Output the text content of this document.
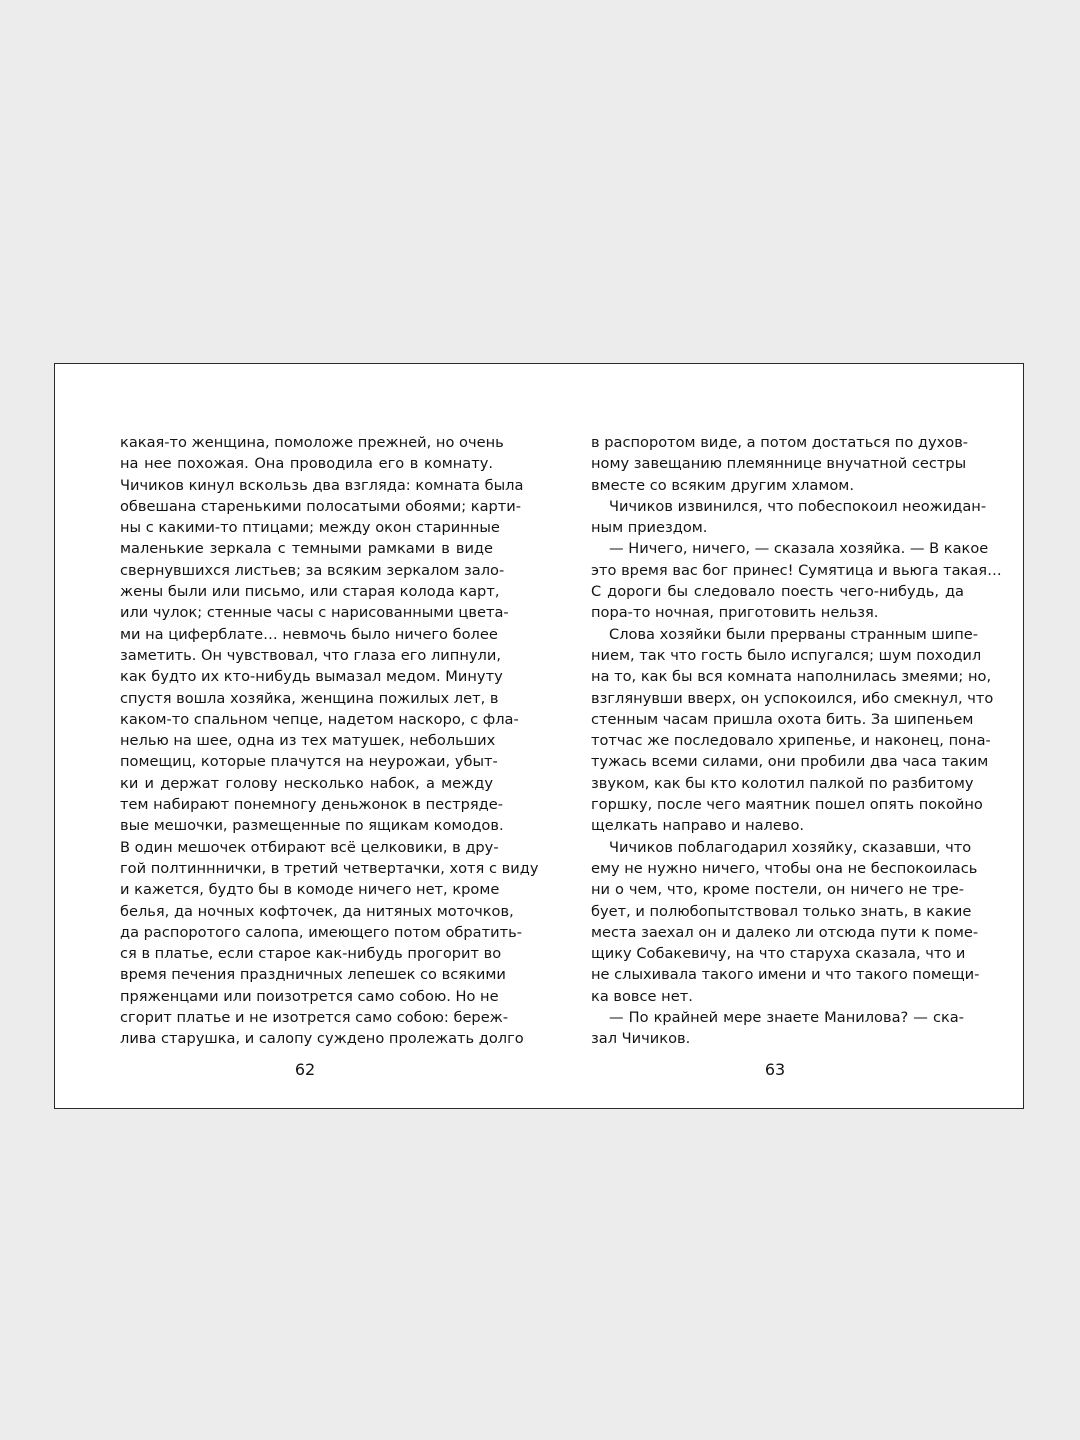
какая-то женщина, помоложе прежней, но очень
на нее похожая. Она проводила его в комнату.
Чичиков кинул вскользь два взгляда: комната была
обвешана старенькими полосатыми обоями; карти-
ны с какими-то птицами; между окон старинные
маленькие зеркала с темными рамками в виде
свернувшихся листьев; за всяким зеркалом зало-
жены были или письмо, или старая колода карт,
или чулок; стенные часы с нарисованными цвета-
ми на циферблате… невмочь было ничего более
заметить. Он чувствовал, что глаза его липнули,
как будто их кто-нибудь вымазал медом. Минуту
спустя вошла хозяйка, женщина пожилых лет, в
каком-то спальном чепце, надетом наскоро, с фла-
нелью на шее, одна из тех матушек, небольших
помещиц, которые плачутся на неурожаи, убыт-
ки и держат голову несколько набок, а между
тем набирают понемногу деньжонок в пестряде-
вые мешочки, размещенные по ящикам комодов.
В один мешочек отбирают всё целковики, в дру-
гой полтинннички, в третий четвертачки, хотя с виду
и кажется, будто бы в комоде ничего нет, кроме
белья, да ночных кофточек, да нитяных моточков,
да распоротого салопа, имеющего потом обратить-
ся в платье, если старое как-нибудь прогорит во
время печения праздничных лепешек со всякими
пряженцами или поизотрется само собою. Но не
сгорит платье и не изотрется само собою: береж-
лива старушка, и салопу суждено пролежать долго
62
в распоротом виде, а потом достаться по духов-
ному завещанию племяннице внучатной сестры
вместе со всяким другим хламом.
Чичиков извинился, что побеспокоил неожидан-
ным приездом.
— Ничего, ничего, — сказала хозяйка. — В какое
это время вас бог принес! Сумятица и вьюга такая…
С дороги бы следовало поесть чего-нибудь, да
пора-то ночная, приготовить нельзя.
Слова хозяйки были прерваны странным шипе-
нием, так что гость было испугался; шум походил
на то, как бы вся комната наполнилась змеями; но,
взглянувши вверх, он успокоился, ибо смекнул, что
стенным часам пришла охота бить. За шипеньем
тотчас же последовало хрипенье, и наконец, пона-
тужась всеми силами, они пробили два часа таким
звуком, как бы кто колотил палкой по разбитому
горшку, после чего маятник пошел опять покойно
щелкать направо и налево.
Чичиков поблагодарил хозяйку, сказавши, что
ему не нужно ничего, чтобы она не беспокоилась
ни о чем, что, кроме постели, он ничего не тре-
бует, и полюбопытствовал только знать, в какие
места заехал он и далеко ли отсюда пути к поме-
щику Собакевичу, на что старуха сказала, что и
не слыхивала такого имени и что такого помещи-
ка вовсе нет.
— По крайней мере знаете Манилова? — ска-
зал Чичиков.
63
